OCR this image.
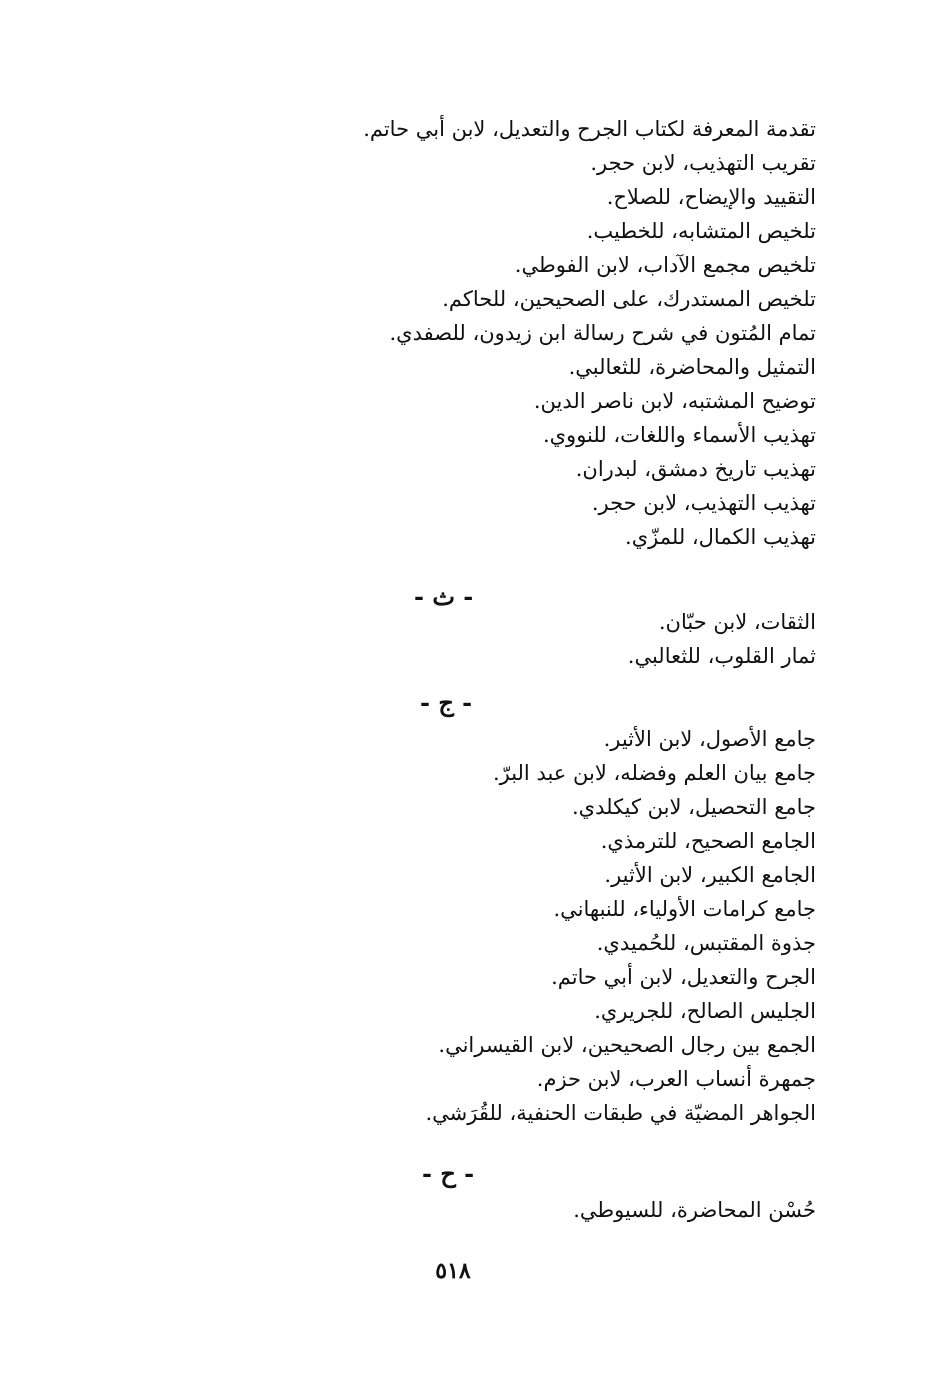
تقدمة المعرفة لكتاب الجرح والتعديل، لابن أبي حاتم.
تقريب التهذيب، لابن حجر.
التقييد والإيضاح، للصلاح.
تلخيص المتشابه، للخطيب.
تلخيص مجمع الآداب، لابن الفوطي.
تلخيص المستدرك، على الصحيحين، للحاكم.
تمام المُتون في شرح رسالة ابن زيدون، للصفدي.
التمثيل والمحاضرة، للثعالبي.
توضيح المشتبه، لابن ناصر الدين.
تهذيب الأسماء واللغات، للنووي.
تهذيب تاريخ دمشق، لبدران.
تهذيب التهذيب، لابن حجر.
تهذيب الكمال، للمزّي.
- ث -
الثقات، لابن حبّان.
ثمار القلوب، للثعالبي.
- ج -
جامع الأصول، لابن الأثير.
جامع بيان العلم وفضله، لابن عبد البرّ.
جامع التحصيل، لابن كيكلدي.
الجامع الصحيح، للترمذي.
الجامع الكبير، لابن الأثير.
جامع كرامات الأولياء، للنبهاني.
جذوة المقتبس، للحُميدي.
الجرح والتعديل، لابن أبي حاتم.
الجليس الصالح، للجريري.
الجمع بين رجال الصحيحين، لابن القيسراني.
جمهرة أنساب العرب، لابن حزم.
الجواهر المضيّة في طبقات الحنفية، للقُرَشي.
- ح -
حُسْن المحاضرة، للسيوطي.
٥١٨
